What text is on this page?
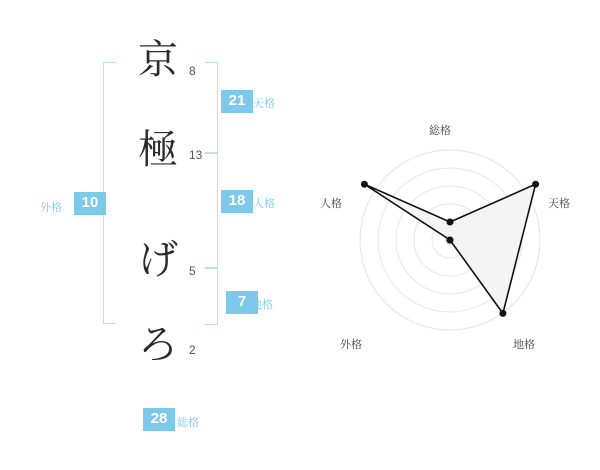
京
極
げ
ろ
8
13
5
2
21 天格
18 人格
7 地格
外格	10
28 総格
総格
天格
地格
外格
人格
